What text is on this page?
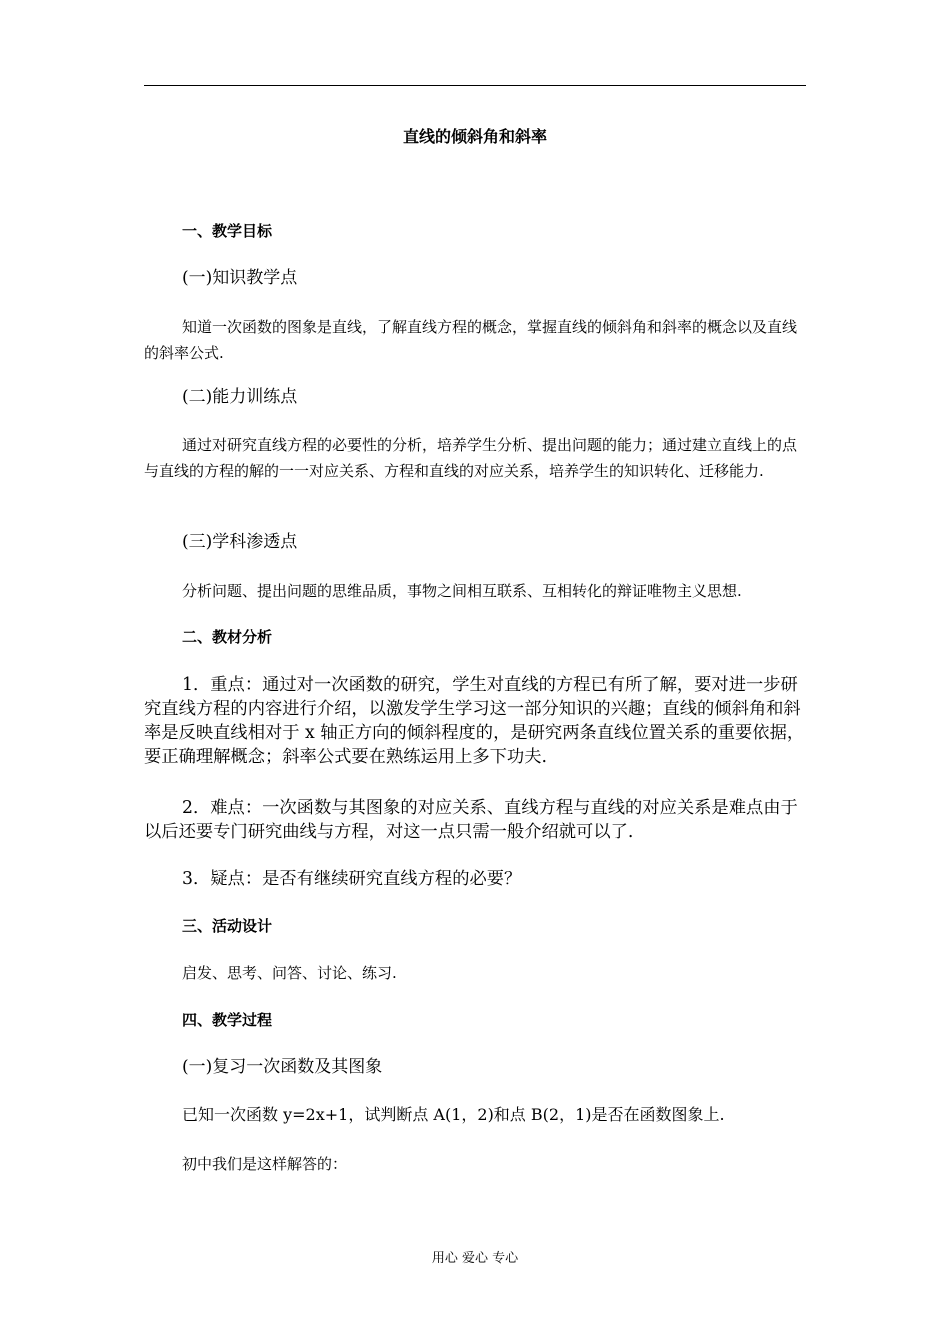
直线的倾斜角和斜率
一、教学目标
(一)知识教学点
知道一次函数的图象是直线，了解直线方程的概念，掌握直线的倾斜角和斜率的概念以及直线的斜率公式.
(二)能力训练点
通过对研究直线方程的必要性的分析，培养学生分析、提出问题的能力；通过建立直线上的点与直线的方程的解的一一对应关系、方程和直线的对应关系，培养学生的知识转化、迁移能力.
(三)学科渗透点
分析问题、提出问题的思维品质，事物之间相互联系、互相转化的辩证唯物主义思想.
二、教材分析
1．重点：通过对一次函数的研究，学生对直线的方程已有所了解，要对进一步研究直线方程的内容进行介绍，以激发学生学习这一部分知识的兴趣；直线的倾斜角和斜率是反映直线相对于 x 轴正方向的倾斜程度的，是研究两条直线位置关系的重要依据，要正确理解概念；斜率公式要在熟练运用上多下功夫.
2．难点：一次函数与其图象的对应关系、直线方程与直线的对应关系是难点由于以后还要专门研究曲线与方程，对这一点只需一般介绍就可以了.
3．疑点：是否有继续研究直线方程的必要？
三、活动设计
启发、思考、问答、讨论、练习.
四、教学过程
(一)复习一次函数及其图象
已知一次函数 y=2x+1，试判断点 A(1，2)和点 B(2，1)是否在函数图象上.
初中我们是这样解答的：
用心 爱心 专心
